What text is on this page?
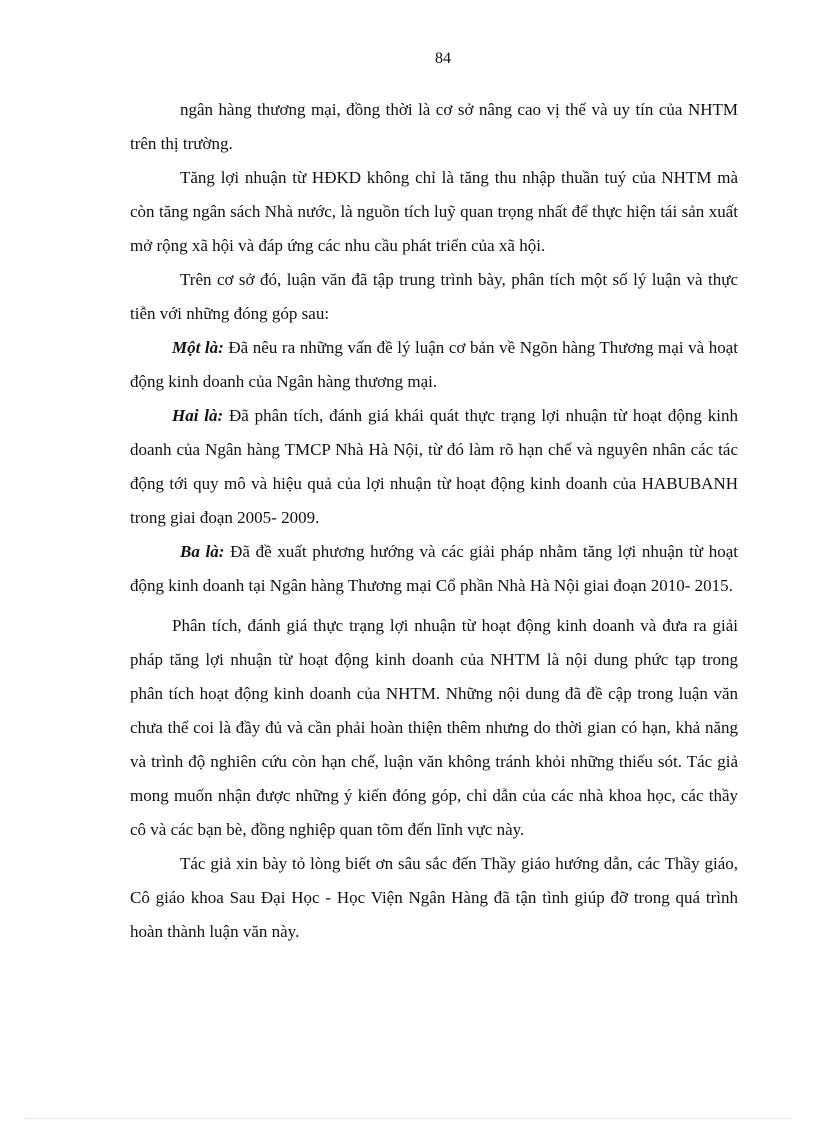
84

ngân hàng thương mại, đồng thời là cơ sở nâng cao vị thế và uy tín của NHTM trên thị trường.

Tăng lợi nhuận từ HĐKD không chỉ là tăng thu nhập thuần tuý của NHTM mà còn tăng ngân sách Nhà nước, là nguồn tích luỹ quan trọng nhất để thực hiện tái sản xuất mở rộng xã hội và đáp ứng các nhu cầu phát triển của xã hội.

Trên cơ sở đó, luận văn đã tập trung trình bày, phân tích một số lý luận và thực tiễn với những đóng góp sau:

Một là: Đã nêu ra những vấn đề lý luận cơ bản về Ngõn hàng Thương mại và hoạt động kinh doanh của Ngân hàng thương mại.

Hai là: Đã phân tích, đánh giá khái quát thực trạng lợi nhuận từ hoạt động kinh doanh của Ngân hàng TMCP Nhà Hà Nội, từ đó làm rõ hạn chế và nguyên nhân các tác động tới quy mô và hiệu quả của lợi nhuận từ hoạt động kinh doanh của HABUBANH trong giai đoạn 2005- 2009.

Ba là: Đã đề xuất phương hướng và các giải pháp nhằm tăng lợi nhuận từ hoạt động kinh doanh tại Ngân hàng Thương mại Cổ phần Nhà Hà Nội giai đoạn 2010- 2015.

Phân tích, đánh giá thực trạng lợi nhuận từ hoạt động kinh doanh và đưa ra giải pháp tăng lợi nhuận từ hoạt động kinh doanh của NHTM là nội dung phức tạp trong phân tích hoạt động kinh doanh của NHTM. Những nội dung đã đề cập trong luận văn chưa thể coi là đầy đủ và cần phải hoàn thiện thêm nhưng do thời gian có hạn, khả năng và trình độ nghiên cứu còn hạn chế, luận văn không tránh khỏi những thiếu sót. Tác giả mong muốn nhận được những ý kiến đóng góp, chỉ dẫn của các nhà khoa học, các thầy cô và các bạn bè, đồng nghiệp quan tõm đến lĩnh vực này.

Tác giả xin bày tỏ lòng biết ơn sâu sắc đến Thầy giáo hướng dẫn, các Thầy giáo, Cô giáo khoa Sau Đại Học - Học Viện Ngân Hàng đã tận tình giúp đỡ trong quá trình hoàn thành luận văn này.
